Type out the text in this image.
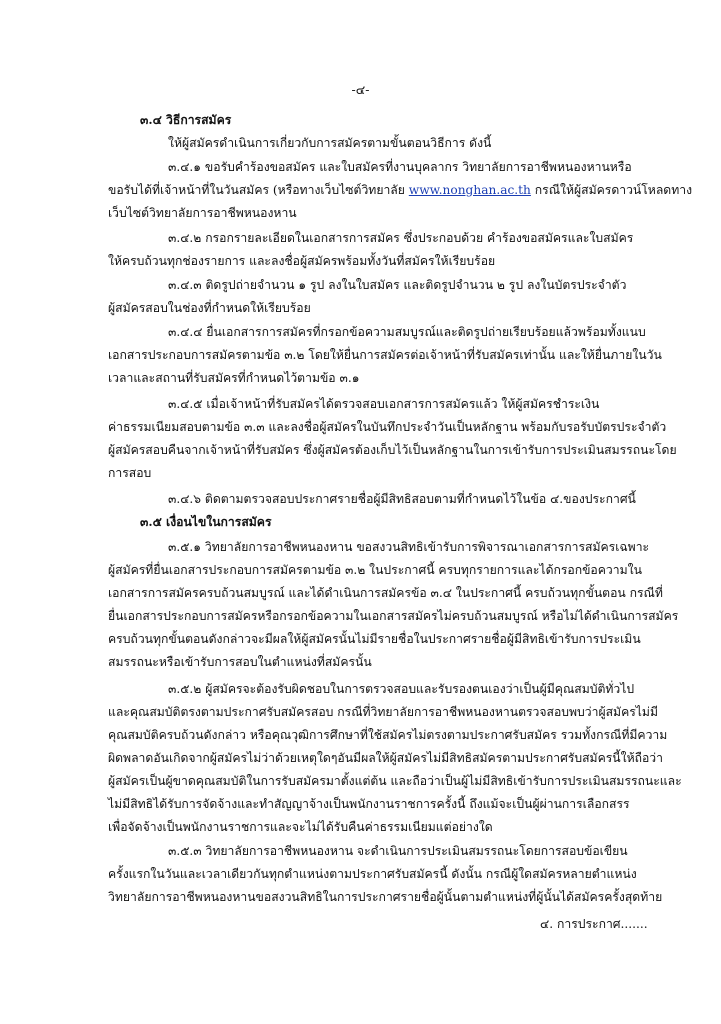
-๔-
๓.๔ วิธีการสมัคร
ให้ผู้สมัครดำเนินการเกี่ยวกับการสมัครตามขั้นตอนวิธีการ ดังนี้
๓.๔.๑ ขอรับคำร้องขอสมัคร และใบสมัครที่งานบุคลากร วิทยาลัยการอาชีพหนองหานหรือ
ขอรับได้ที่เจ้าหน้าที่ในวันสมัคร (หรือทางเว็บไซต์วิทยาลัย www.nonghan.ac.th กรณีให้ผู้สมัครดาวน์โหลดทาง
เว็บไซต์วิทยาลัยการอาชีพหนองหาน
๓.๔.๒ กรอกรายละเอียดในเอกสารการสมัคร ซึ่งประกอบด้วย คำร้องขอสมัครและใบสมัคร
ให้ครบถ้วนทุกช่องรายการ และลงชื่อผู้สมัครพร้อมทั้งวันที่สมัครให้เรียบร้อย
๓.๔.๓ ติดรูปถ่ายจำนวน ๑ รูป ลงในใบสมัคร และติดรูปจำนวน ๒ รูป ลงในบัตรประจำตัว
ผู้สมัครสอบในช่องที่กำหนดให้เรียบร้อย
๓.๔.๔ ยื่นเอกสารการสมัครที่กรอกข้อความสมบูรณ์และติดรูปถ่ายเรียบร้อยแล้วพร้อมทั้งแนบ
เอกสารประกอบการสมัครตามข้อ ๓.๒ โดยให้ยื่นการสมัครต่อเจ้าหน้าที่รับสมัครเท่านั้น และให้ยื่นภายในวัน
เวลาและสถานที่รับสมัครที่กำหนดไว้ตามข้อ ๓.๑
๓.๔.๕ เมื่อเจ้าหน้าที่รับสมัครได้ตรวจสอบเอกสารการสมัครแล้ว ให้ผู้สมัครชำระเงิน
ค่าธรรมเนียมสอบตามข้อ ๓.๓ และลงชื่อผู้สมัครในบันทึกประจำวันเป็นหลักฐาน พร้อมกับรอรับบัตรประจำตัว
ผู้สมัครสอบคืนจากเจ้าหน้าที่รับสมัคร ซึ่งผู้สมัครต้องเก็บไว้เป็นหลักฐานในการเข้ารับการประเมินสมรรถนะโดย
การสอบ
๓.๔.๖ ติดตามตรวจสอบประกาศรายชื่อผู้มีสิทธิสอบตามที่กำหนดไว้ในข้อ ๔.ของประกาศนี้
๓.๕ เงื่อนไขในการสมัคร
๓.๕.๑ วิทยาลัยการอาชีพหนองหาน ขอสงวนสิทธิเข้ารับการพิจารณาเอกสารการสมัครเฉพาะ
ผู้สมัครที่ยื่นเอกสารประกอบการสมัครตามข้อ ๓.๒ ในประกาศนี้ ครบทุกรายการและได้กรอกข้อความใน
เอกสารการสมัครครบถ้วนสมบูรณ์ และได้ดำเนินการสมัครข้อ ๓.๔ ในประกาศนี้ ครบถ้วนทุกขั้นตอน กรณีที่
ยื่นเอกสารประกอบการสมัครหรือกรอกข้อความในเอกสารสมัครไม่ครบถ้วนสมบูรณ์ หรือไม่ได้ดำเนินการสมัคร
ครบถ้วนทุกขั้นตอนดังกล่าวจะมีผลให้ผู้สมัครนั้นไม่มีรายชื่อในประกาศรายชื่อผู้มีสิทธิเข้ารับการประเมิน
สมรรถนะหรือเข้ารับการสอบในตำแหน่งที่สมัครนั้น
๓.๕.๒ ผู้สมัครจะต้องรับผิดชอบในการตรวจสอบและรับรองตนเองว่าเป็นผู้มีคุณสมบัติทั่วไป
และคุณสมบัติตรงตามประกาศรับสมัครสอบ กรณีที่วิทยาลัยการอาชีพหนองหานตรวจสอบพบว่าผู้สมัครไม่มี
คุณสมบัติครบถ้วนดังกล่าว หรือคุณวุฒิการศึกษาที่ใช้สมัครไม่ตรงตามประกาศรับสมัคร รวมทั้งกรณีที่มีความ
ผิดพลาดอันเกิดจากผู้สมัครไม่ว่าด้วยเหตุใดๆอันมีผลให้ผู้สมัครไม่มีสิทธิสมัครตามประกาศรับสมัครนี้ให้ถือว่า
ผู้สมัครเป็นผู้ขาดคุณสมบัติในการรับสมัครมาตั้งแต่ต้น และถือว่าเป็นผู้ไม่มีสิทธิเข้ารับการประเมินสมรรถนะและ
ไม่มีสิทธิได้รับการจัดจ้างและทำสัญญาจ้างเป็นพนักงานราชการครั้งนี้ ถึงแม้จะเป็นผู้ผ่านการเลือกสรร
เพื่อจัดจ้างเป็นพนักงานราชการและจะไม่ได้รับคืนค่าธรรมเนียมแต่อย่างใด
๓.๕.๓ วิทยาลัยการอาชีพหนองหาน จะดำเนินการประเมินสมรรถนะโดยการสอบข้อเขียน
ครั้งแรกในวันและเวลาเดียวกันทุกตำแหน่งตามประกาศรับสมัครนี้ ดังนั้น กรณีผู้ใดสมัครหลายตำแหน่ง
วิทยาลัยการอาชีพหนองหานขอสงวนสิทธิในการประกาศรายชื่อผู้นั้นตามตำแหน่งที่ผู้นั้นได้สมัครครั้งสุดท้าย
๔. การประกาศ.......
